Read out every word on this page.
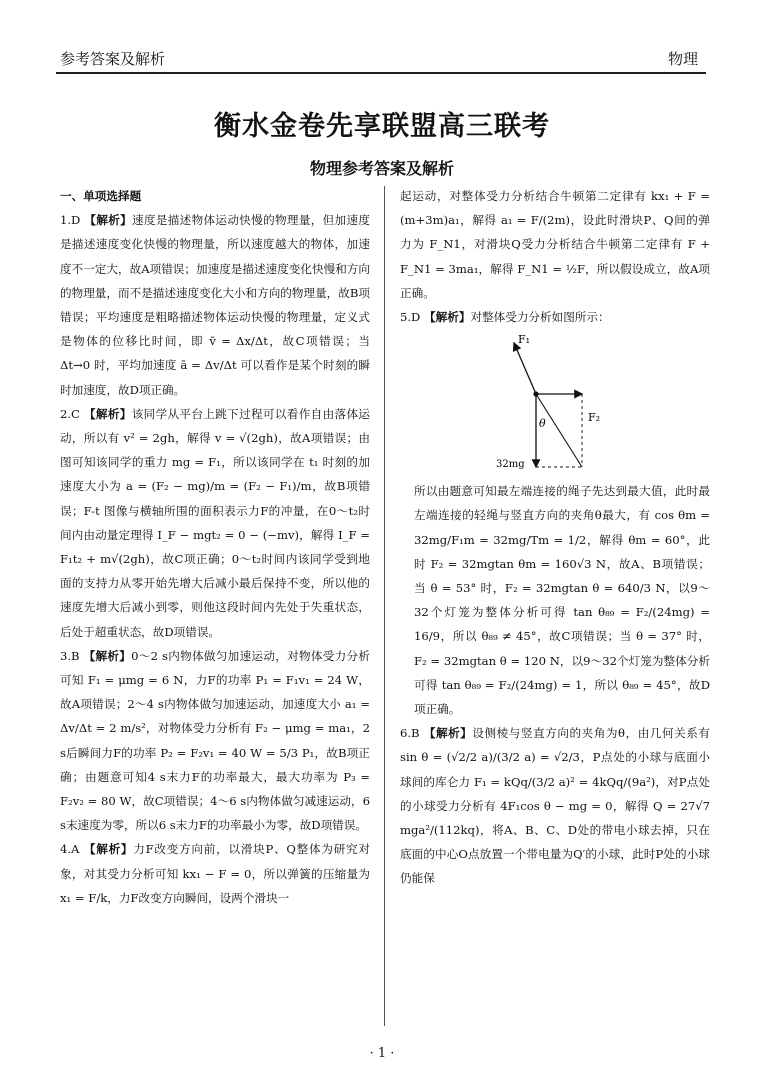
参考答案及解析	物理
衡水金卷先享联盟高三联考
物理参考答案及解析

一、单项选择题

1.D 【解析】速度是描述物体运动快慢的物理量，但加速度是描述速度变化快慢的物理量，所以速度越大的物体，加速度不一定大，故A项错误；加速度是描述速度变化快慢和方向的物理量，而不是描述速度变化大小和方向的物理量，故B项错误；平均速度是粗略描述物体运动快慢的物理量，定义式是物体的位移比时间，即 v̄ = Δx/Δt，故C项错误；当 Δt→0 时，平均加速度 ā = Δv/Δt 可以看作是某个时刻的瞬时加速度，故D项正确。

2.C 【解析】该同学从平台上跳下过程可以看作自由落体运动，所以有 v² = 2gh，解得 v = √(2gh)，故A项错误；由图可知该同学的重力 mg = F₁，所以该同学在 t₁ 时刻的加速度大小为 a = (F₂ − mg)/m = (F₂ − F₁)/m，故B项错误；F-t 图像与横轴所围的面积表示力F的冲量，在0～t₂时间内由动量定理得 I_F − mgt₂ = 0 − (−mv)，解得 I_F = F₁t₂ + m√(2gh)，故C项正确；0～t₂时间内该同学受到地面的支持力从零开始先增大后减小最后保持不变，所以他的速度先增大后减小到零，则他这段时间内先处于失重状态，后处于超重状态，故D项错误。

3.B 【解析】0～2 s内物体做匀加速运动，对物体受力分析可知 F₁ = μmg = 6 N，力F的功率 P₁ = F₁v₁ = 24 W，故A项错误；2～4 s内物体做匀加速运动，加速度大小 a₁ = Δv/Δt = 2 m/s²，对物体受力分析有 F₂ − μmg = ma₁，2 s后瞬间力F的功率 P₂ = F₂v₁ = 40 W = 5/3 P₁，故B项正确；由题意可知4 s末力F的功率最大，最大功率为 P₃ = F₂v₂ = 80 W，故C项错误；4～6 s内物体做匀减速运动，6 s末速度为零，所以6 s末力F的功率最小为零，故D项错误。

4.A 【解析】力F改变方向前，以滑块P、Q整体为研究对象，对其受力分析可知 kx₁ − F = 0，所以弹簧的压缩量为 x₁ = F/k，力F改变方向瞬间，设两个滑块一

起运动，对整体受力分析结合牛顿第二定律有 kx₁ + F = (m+3m)a₁，解得 a₁ = F/(2m)，设此时滑块P、Q间的弹力为 F_N1，对滑块Q受力分析结合牛顿第二定律有 F + F_N1 = 3ma₁，解得 F_N1 = ½F，所以假设成立，故A项正确。

5.D 【解析】对整体受力分析如图所示：

F₁
F₂
θ
32mg

所以由题意可知最左端连接的绳子先达到最大值，此时最左端连接的轻绳与竖直方向的夹角θ最大，有 cos θm = 32mg/F₁m = 32mg/Tm = 1/2，解得 θm = 60°，此时 F₂ = 32mgtan θm = 160√3 N，故A、B项错误；当 θ = 53° 时，F₂ = 32mgtan θ = 640/3 N，以9～32个灯笼为整体分析可得 tan θ₈₉ = F₂/(24mg) = 16/9，所以 θ₈₉ ≠ 45°，故C项错误；当 θ = 37° 时，F₂ = 32mgtan θ = 120 N，以9～32个灯笼为整体分析可得 tan θ₈₉ = F₂/(24mg) = 1，所以 θ₈₉ = 45°，故D项正确。

6.B 【解析】设侧棱与竖直方向的夹角为θ，由几何关系有 sin θ = (√2/2 a)/(3/2 a) = √2/3，P点处的小球与底面小球间的库仑力 F₁ = kQq/(3/2 a)² = 4kQq/(9a²)，对P点处的小球受力分析有 4F₁cos θ − mg = 0，解得 Q = 27√7 mga²/(112kq)，将A、B、C、D处的带电小球去掉，只在底面的中心O点放置一个带电量为Q′的小球，此时P处的小球仍能保

· 1 ·
